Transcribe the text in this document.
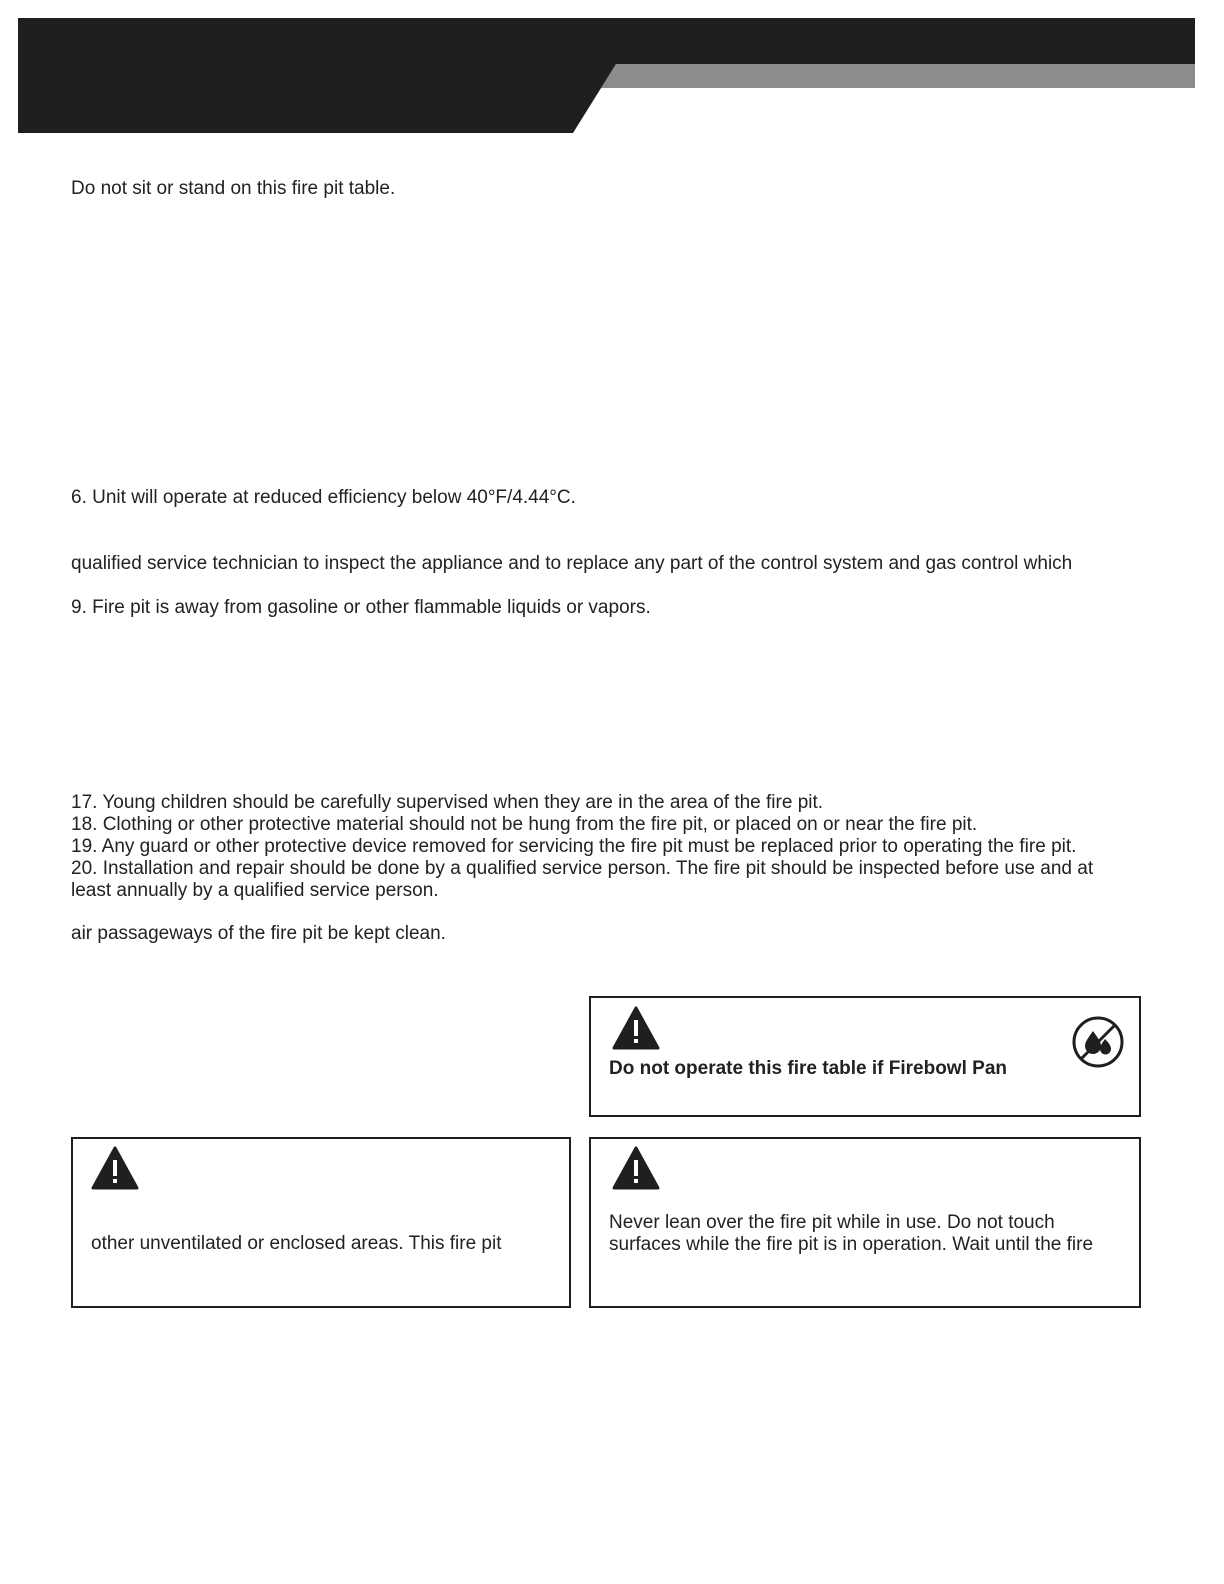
Do not sit or stand on this fire pit table.

6. Unit will operate at reduced efficiency below 40°F/4.44°C.

qualified service technician to inspect the appliance and to replace any part of the control system and gas control which

9. Fire pit is away from gasoline or other flammable liquids or vapors.

17. Young children should be carefully supervised when they are in the area of the fire pit.

18. Clothing or other protective material should not be hung from the fire pit, or placed on or near the fire pit.

19. Any guard or other protective device removed for servicing the fire pit must be replaced prior to operating the fire pit.

20. Installation and repair should be done by a qualified service person. The fire pit should be inspected before use and at

least annually by a qualified service person.

air passageways of the fire pit be kept clean.

Do not operate this fire table if Firebowl Pan

other unventilated or enclosed areas. This fire pit

Never lean over the fire pit while in use. Do not touch

surfaces while the fire pit is in operation. Wait until the fire
